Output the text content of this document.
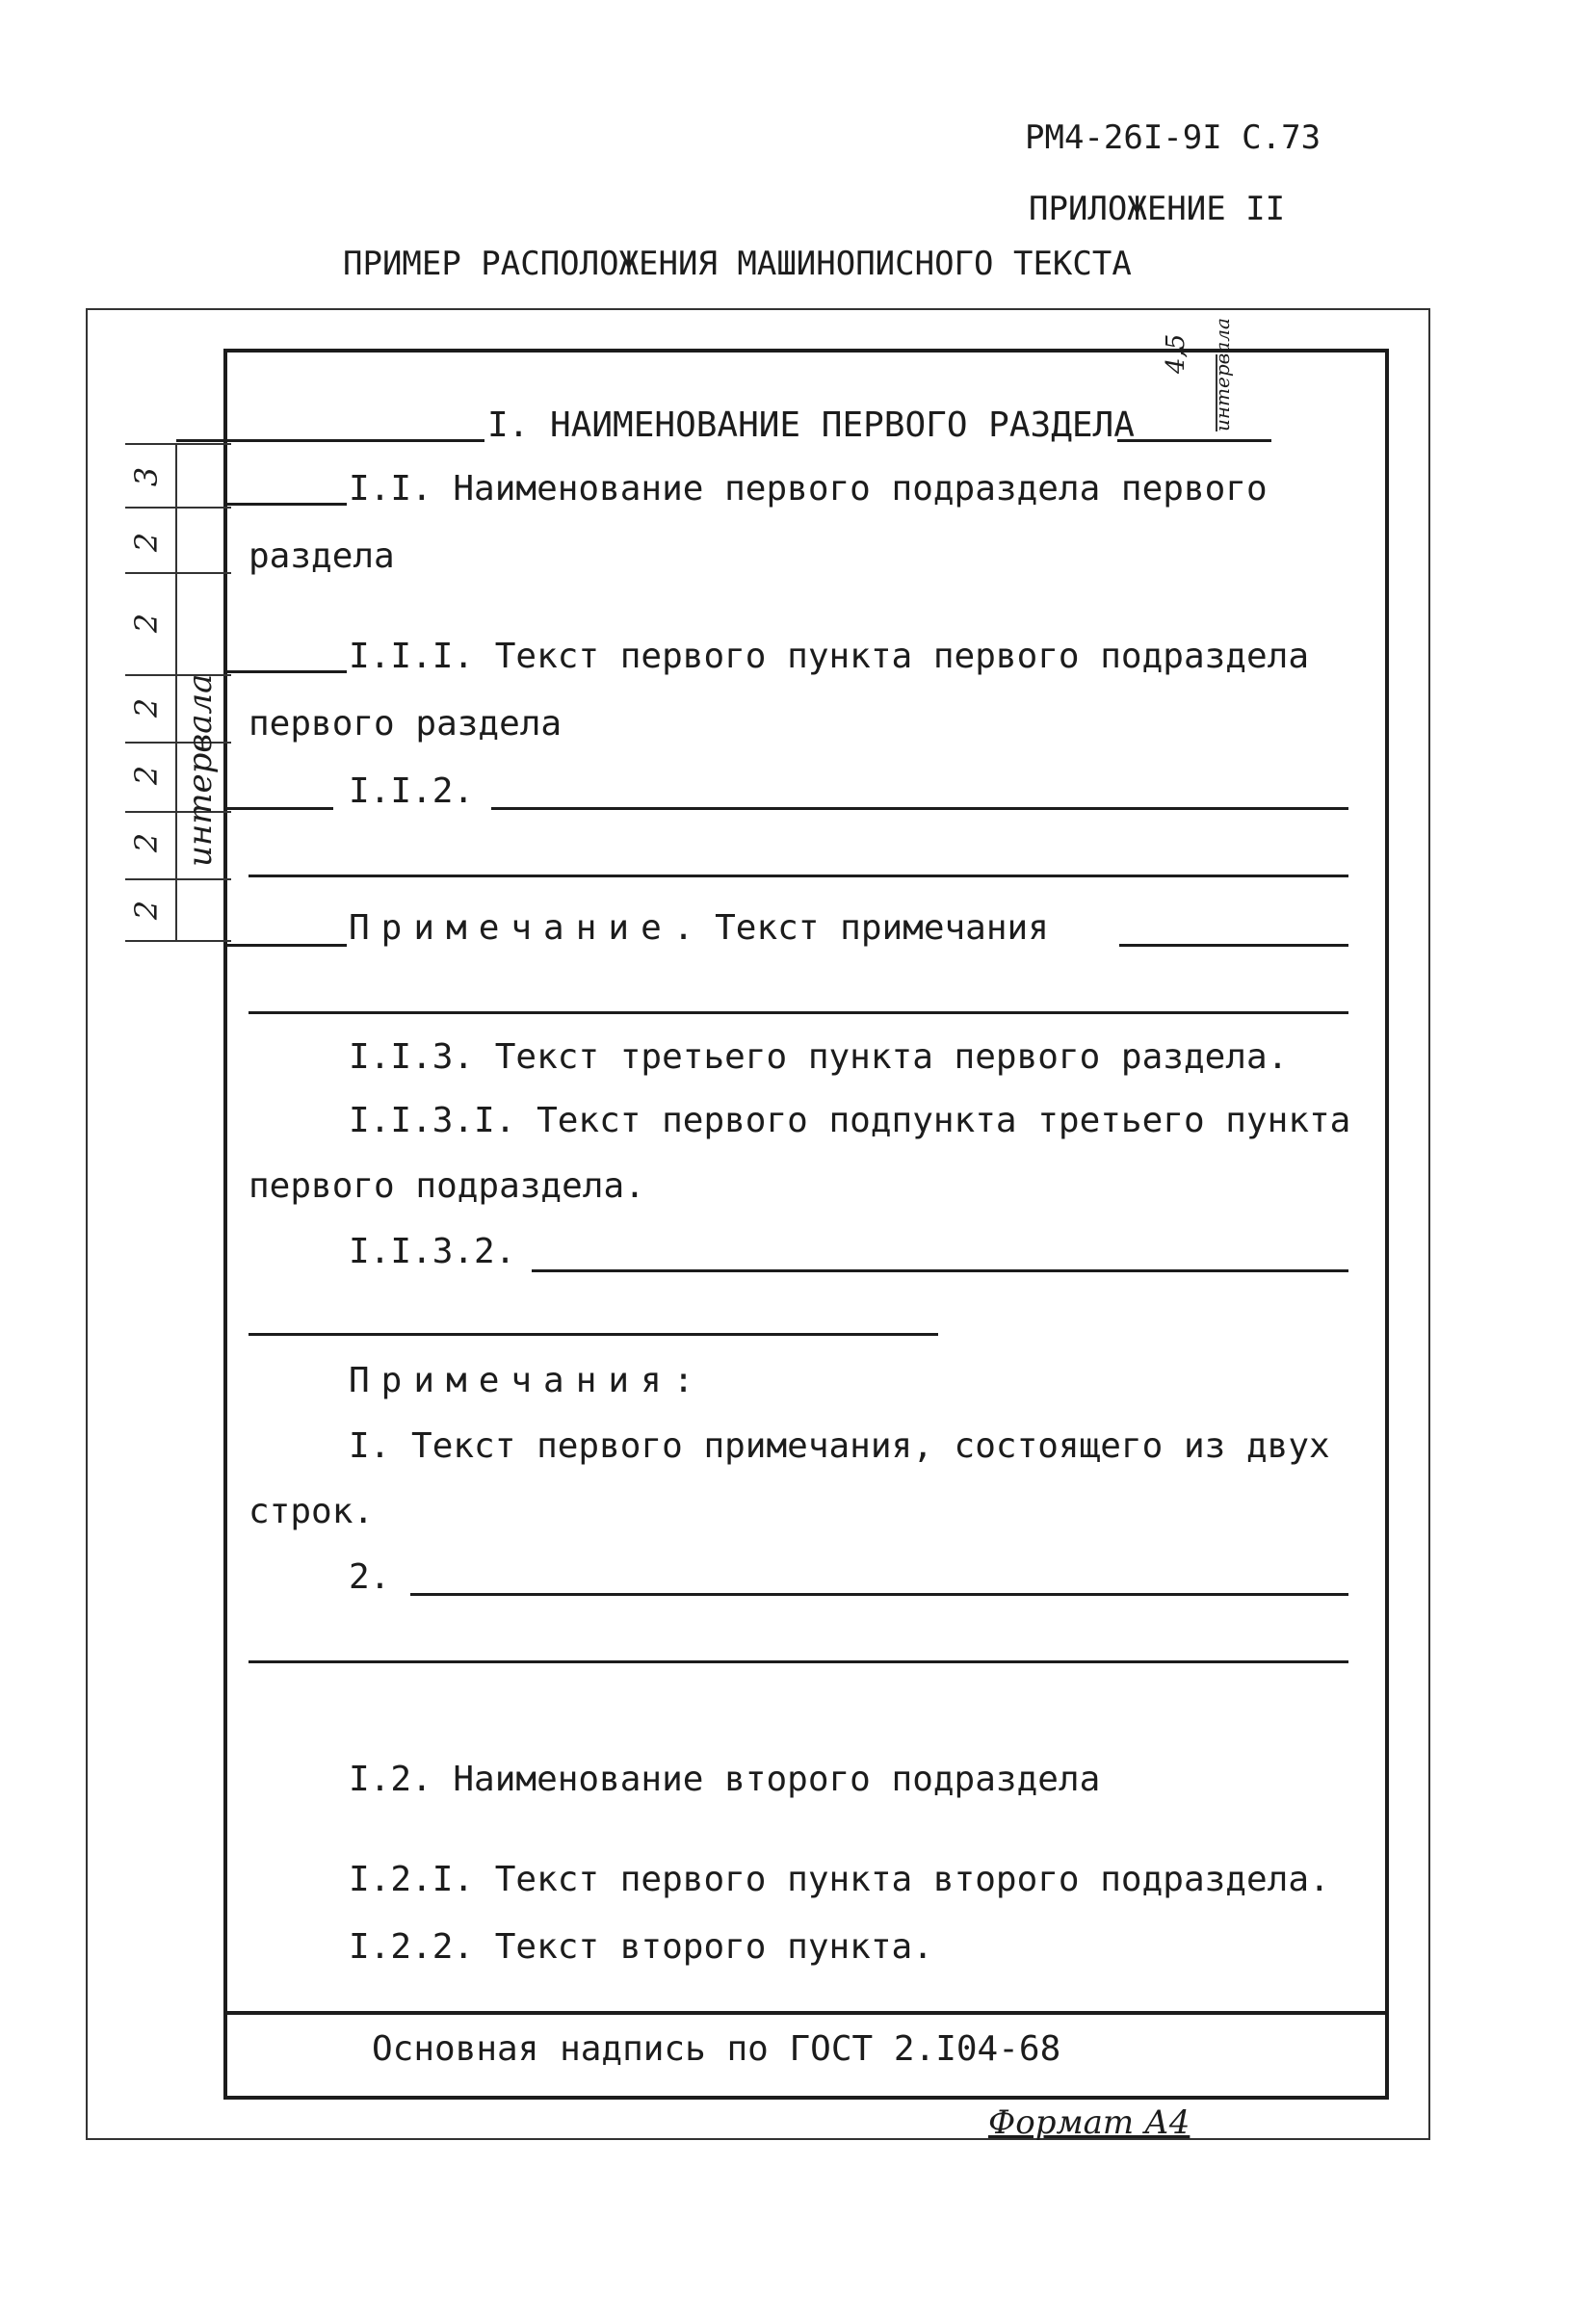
РМ4-26I-9I С.73
ПРИЛОЖЕНИЕ II
ПРИМЕР РАСПОЛОЖЕНИЯ МАШИНОПИСНОГО ТЕКСТА
I. НАИМЕНОВАНИЕ ПЕРВОГО РАЗДЕЛА
4,5 интервала
I.I. Наименование первого подраздела первого
раздела
I.I.I. Текст первого пункта первого подраздела
первого раздела
I.I.2.
Примечание. Текст примечания
I.I.3. Текст третьего пункта первого раздела.
I.I.3.I. Текст первого подпункта третьего пункта
первого подраздела.
I.I.3.2.
Примечания:
I. Текст первого примечания, состоящего из двух
строк.
2.
I.2. Наименование второго подраздела
I.2.I. Текст первого пункта второго подраздела.
I.2.2. Текст второго пункта.
Основная надпись по ГОСТ 2.I04-68
3
2
2
2
2
2
2
интервала
Формат А4
